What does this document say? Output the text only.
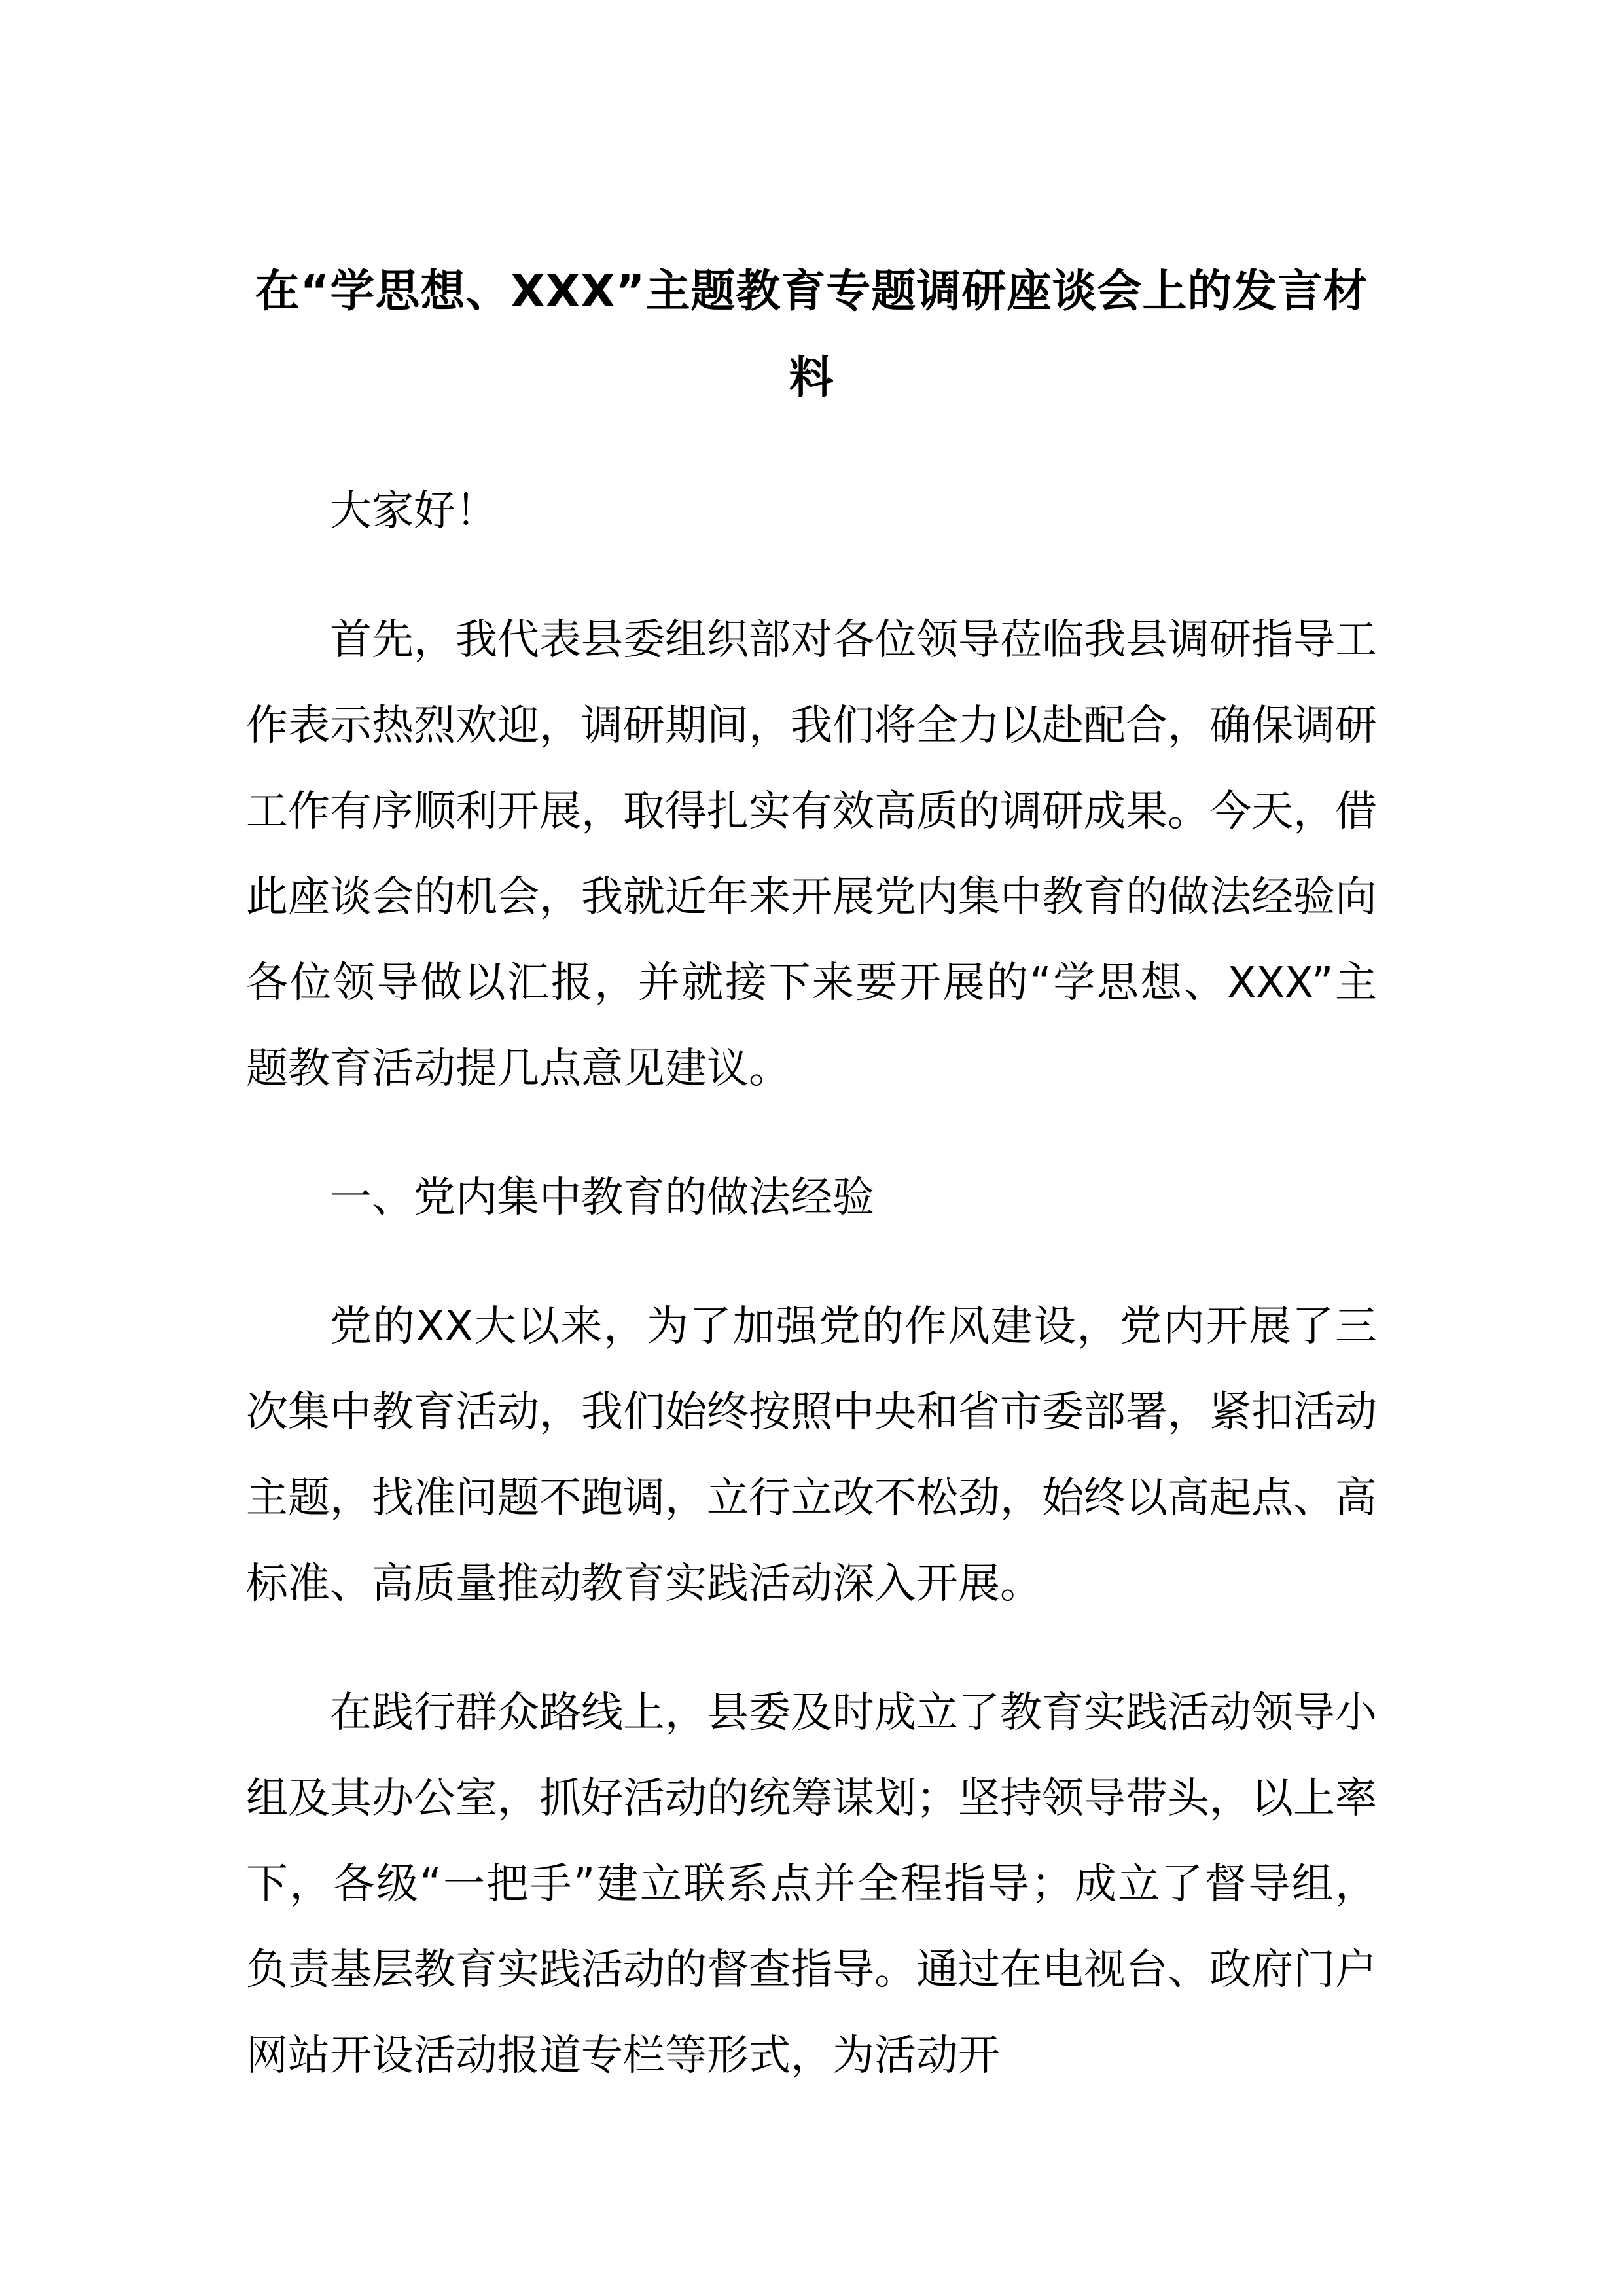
在“学思想、XXX”主题教育专题调研座谈会上的发言材料

大家好！

首先，我代表县委组织部对各位领导莅临我县调研指导工作表示热烈欢迎，调研期间，我们将全力以赴配合，确保调研工作有序顺利开展，取得扎实有效高质的调研成果。今天，借此座谈会的机会，我就近年来开展党内集中教育的做法经验向各位领导做以汇报，并就接下来要开展的“学思想、XXX”主题教育活动提几点意见建议。

一、党内集中教育的做法经验

党的XX大以来，为了加强党的作风建设，党内开展了三次集中教育活动，我们始终按照中央和省市委部署，紧扣活动主题，找准问题不跑调，立行立改不松劲，始终以高起点、高标准、高质量推动教育实践活动深入开展。

在践行群众路线上，县委及时成立了教育实践活动领导小组及其办公室，抓好活动的统筹谋划；坚持领导带头，以上率下，各级“一把手”建立联系点并全程指导；成立了督导组，负责基层教育实践活动的督查指导。通过在电视台、政府门户网站开设活动报道专栏等形式，为活动开
